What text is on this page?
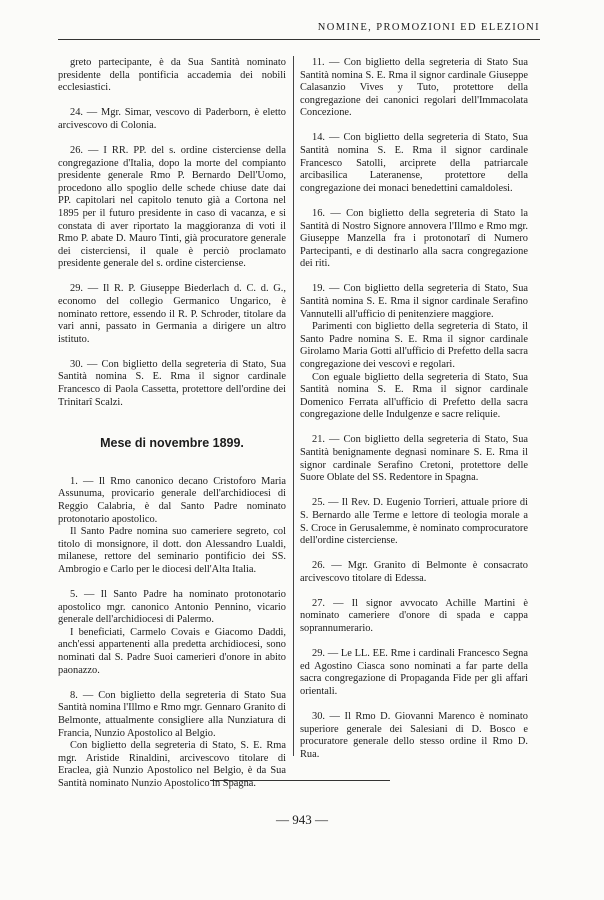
NOMINE, PROMOZIONI ED ELEZIONI

greto partecipante, è da Sua Santità nominato presidente della pontificia accademia dei nobili ecclesiastici.

24. — Mgr. Simar, vescovo di Paderborn, è eletto arcivescovo di Colonia.

26. — I RR. PP. del s. ordine cisterciense della congregazione d'Italia, dopo la morte del compianto presidente generale Rmo P. Bernardo Dell'Uomo, procedono allo spoglio delle schede chiuse date dai PP. capitolari nel capitolo tenuto già a Cortona nel 1895 per il futuro presidente in caso di vacanza, e si constata di aver riportato la maggioranza di voti il Rmo P. abate D. Mauro Tinti, già procuratore generale dei cisterciensi, il quale è perciò proclamato presidente generale del s. ordine cisterciense.

29. — Il R. P. Giuseppe Biederlach d. C. d. G., economo del collegio Germanico Ungarico, è nominato rettore, essendo il R. P. Schroder, titolare da vari anni, passato in Germania a dirigere un altro istituto.

30. — Con biglietto della segreteria di Stato, Sua Santità nomina S. E. Rma il signor cardinale Francesco di Paola Cassetta, protettore dell'ordine dei Trinitarî Scalzi.

Mese di novembre 1899.

1. — Il Rmo canonico decano Cristoforo Maria Assunuma, provicario generale dell'archidiocesi di Reggio Calabria, è dal Santo Padre nominato protonotario apostolico.

Il Santo Padre nomina suo cameriere segreto, col titolo di monsignore, il dott. don Alessandro Lualdi, milanese, rettore del seminario pontificio dei SS. Ambrogio e Carlo per le diocesi dell'Alta Italia.

5. — Il Santo Padre ha nominato protonotario apostolico mgr. canonico Antonio Pennino, vicario generale dell'archidiocesi di Palermo.

I beneficiati, Carmelo Covais e Giacomo Daddi, anch'essi appartenenti alla predetta archidiocesi, sono nominati dal S. Padre Suoi camerieri d'onore in abito paonazzo.

8. — Con biglietto della segreteria di Stato Sua Santità nomina l'Illmo e Rmo mgr. Gennaro Granito di Belmonte, attualmente consigliere alla Nunziatura di Francia, Nunzio Apostolico al Belgio.

Con biglietto della segreteria di Stato, S. E. Rma mgr. Aristide Rinaldini, arcivescovo titolare di Eraclea, già Nunzio Apostolico nel Belgio, è da Sua Santità nominato Nunzio Apostolico in Spagna.

11. — Con biglietto della segreteria di Stato Sua Santità nomina S. E. Rma il signor cardinale Giuseppe Calasanzio Vives y Tuto, protettore della congregazione dei canonici regolari dell'Immacolata Concezione.

14. — Con biglietto della segreteria di Stato, Sua Santità nomina S. E. Rma il signor cardinale Francesco Satolli, arciprete della patriarcale arcibasilica Lateranense, protettore della congregazione dei monaci benedettini camaldolesi.

16. — Con biglietto della segreteria di Stato la Santità di Nostro Signore annovera l'Illmo e Rmo mgr. Giuseppe Manzella fra i protonotarî di Numero Partecipanti, e di destinarlo alla sacra congregazione dei riti.

19. — Con biglietto della segreteria di Stato, Sua Santità nomina S. E. Rma il signor cardinale Serafino Vannutelli all'ufficio di penitenziere maggiore.

Parimenti con biglietto della segreteria di Stato, il Santo Padre nomina S. E. Rma il signor cardinale Girolamo Maria Gotti all'ufficio di Prefetto della sacra congregazione dei vescovi e regolari.

Con eguale biglietto della segreteria di Stato, Sua Santità nomina S. E. Rma il signor cardinale Domenico Ferrata all'ufficio di Prefetto della sacra congregazione delle Indulgenze e sacre reliquie.

21. — Con biglietto della segreteria di Stato, Sua Santità benignamente degnasi nominare S. E. Rma il signor cardinale Serafino Cretoni, protettore delle Suore Oblate del SS. Redentore in Spagna.

25. — Il Rev. D. Eugenio Torrieri, attuale priore di S. Bernardo alle Terme e lettore di teologia morale a S. Croce in Gerusalemme, è nominato comprocuratore dell'ordine cisterciense.

26. — Mgr. Granito di Belmonte è consacrato arcivescovo titolare di Edessa.

27. — Il signor avvocato Achille Martini è nominato cameriere d'onore di spada e cappa soprannumerario.

29. — Le LL. EE. Rme i cardinali Francesco Segna ed Agostino Ciasca sono nominati a far parte della sacra congregazione di Propaganda Fide per gli affari orientali.

30. — Il Rmo D. Giovanni Marenco è nominato superiore generale dei Salesiani di D. Bosco e procuratore generale dello stesso ordine il Rmo D. Rua.

— 943 —
